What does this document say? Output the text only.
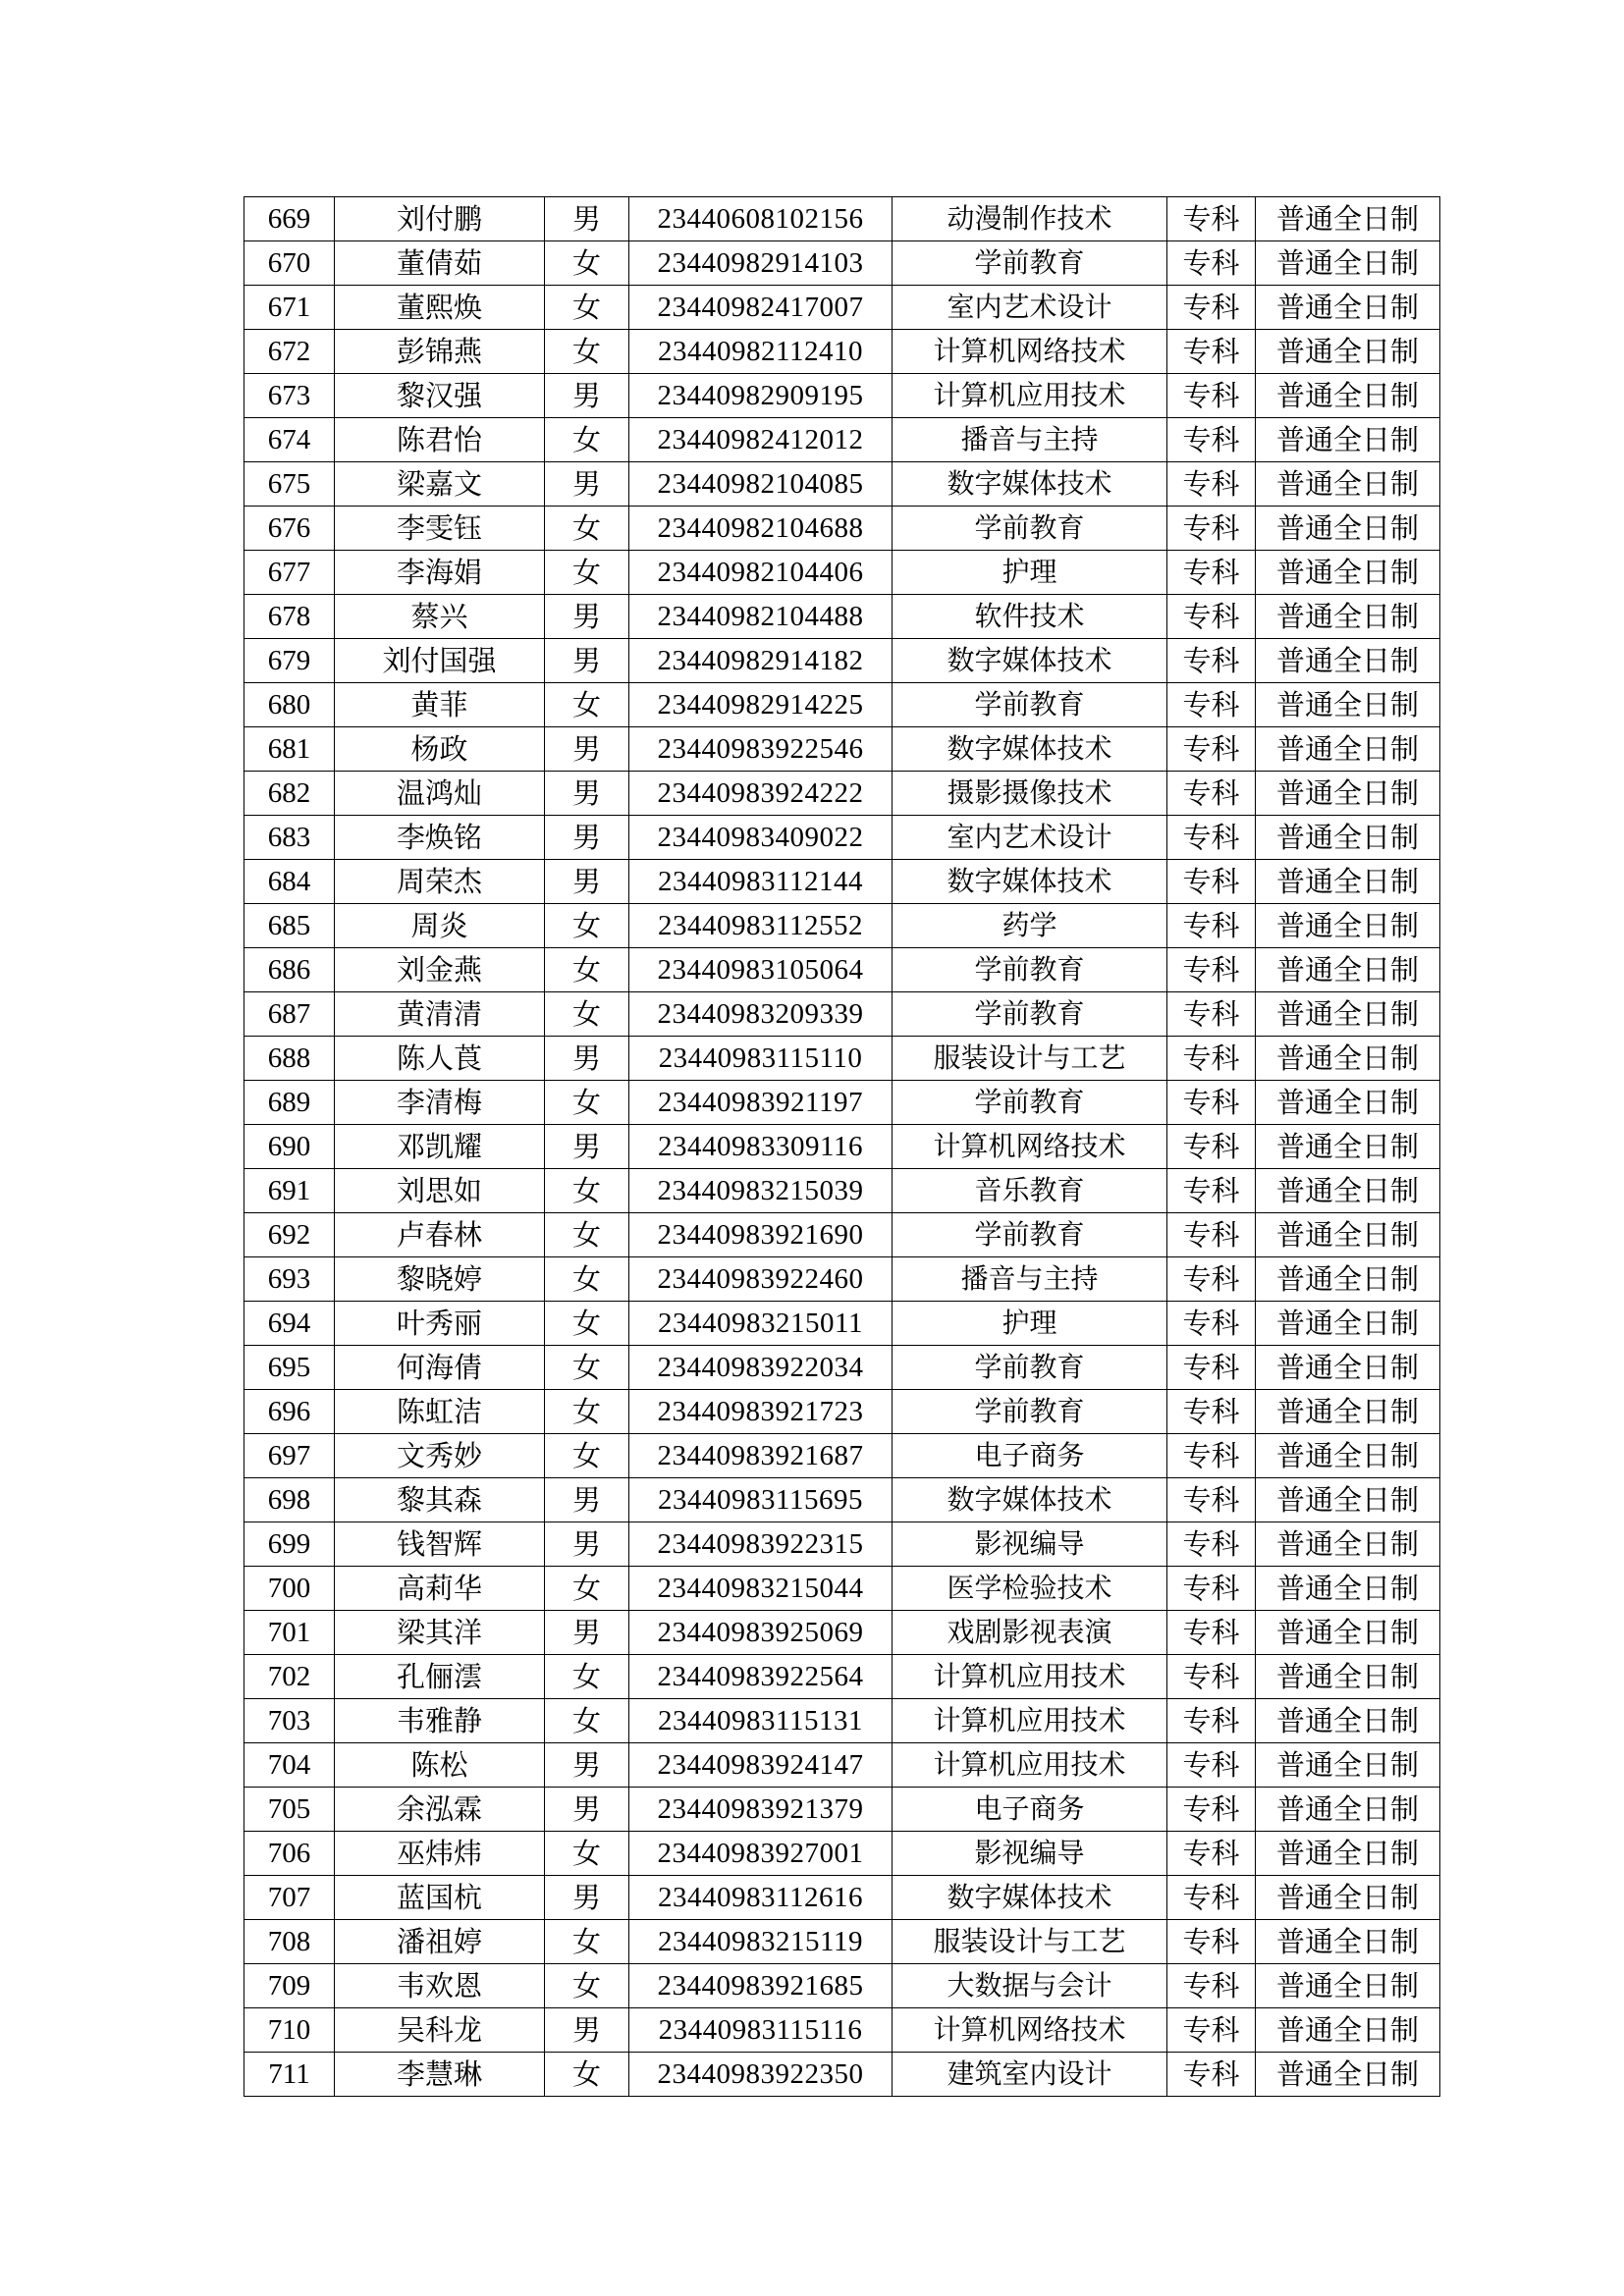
669	刘付鹏	男	23440608102156	动漫制作技术	专科	普通全日制
670	董倩茹	女	23440982914103	学前教育	专科	普通全日制
671	董熙焕	女	23440982417007	室内艺术设计	专科	普通全日制
672	彭锦燕	女	23440982112410	计算机网络技术	专科	普通全日制
673	黎汉强	男	23440982909195	计算机应用技术	专科	普通全日制
674	陈君怡	女	23440982412012	播音与主持	专科	普通全日制
675	梁嘉文	男	23440982104085	数字媒体技术	专科	普通全日制
676	李雯钰	女	23440982104688	学前教育	专科	普通全日制
677	李海娟	女	23440982104406	护理	专科	普通全日制
678	蔡兴	男	23440982104488	软件技术	专科	普通全日制
679	刘付国强	男	23440982914182	数字媒体技术	专科	普通全日制
680	黄菲	女	23440982914225	学前教育	专科	普通全日制
681	杨政	男	23440983922546	数字媒体技术	专科	普通全日制
682	温鸿灿	男	23440983924222	摄影摄像技术	专科	普通全日制
683	李焕铭	男	23440983409022	室内艺术设计	专科	普通全日制
684	周荣杰	男	23440983112144	数字媒体技术	专科	普通全日制
685	周炎	女	23440983112552	药学	专科	普通全日制
686	刘金燕	女	23440983105064	学前教育	专科	普通全日制
687	黄清清	女	23440983209339	学前教育	专科	普通全日制
688	陈人莨	男	23440983115110	服装设计与工艺	专科	普通全日制
689	李清梅	女	23440983921197	学前教育	专科	普通全日制
690	邓凯耀	男	23440983309116	计算机网络技术	专科	普通全日制
691	刘思如	女	23440983215039	音乐教育	专科	普通全日制
692	卢春林	女	23440983921690	学前教育	专科	普通全日制
693	黎晓婷	女	23440983922460	播音与主持	专科	普通全日制
694	叶秀丽	女	23440983215011	护理	专科	普通全日制
695	何海倩	女	23440983922034	学前教育	专科	普通全日制
696	陈虹洁	女	23440983921723	学前教育	专科	普通全日制
697	文秀妙	女	23440983921687	电子商务	专科	普通全日制
698	黎其森	男	23440983115695	数字媒体技术	专科	普通全日制
699	钱智辉	男	23440983922315	影视编导	专科	普通全日制
700	高莉华	女	23440983215044	医学检验技术	专科	普通全日制
701	梁其洋	男	23440983925069	戏剧影视表演	专科	普通全日制
702	孔俪澐	女	23440983922564	计算机应用技术	专科	普通全日制
703	韦雅静	女	23440983115131	计算机应用技术	专科	普通全日制
704	陈松	男	23440983924147	计算机应用技术	专科	普通全日制
705	余泓霖	男	23440983921379	电子商务	专科	普通全日制
706	巫炜炜	女	23440983927001	影视编导	专科	普通全日制
707	蓝国杭	男	23440983112616	数字媒体技术	专科	普通全日制
708	潘祖婷	女	23440983215119	服装设计与工艺	专科	普通全日制
709	韦欢恩	女	23440983921685	大数据与会计	专科	普通全日制
710	吴科龙	男	23440983115116	计算机网络技术	专科	普通全日制
711	李慧琳	女	23440983922350	建筑室内设计	专科	普通全日制
